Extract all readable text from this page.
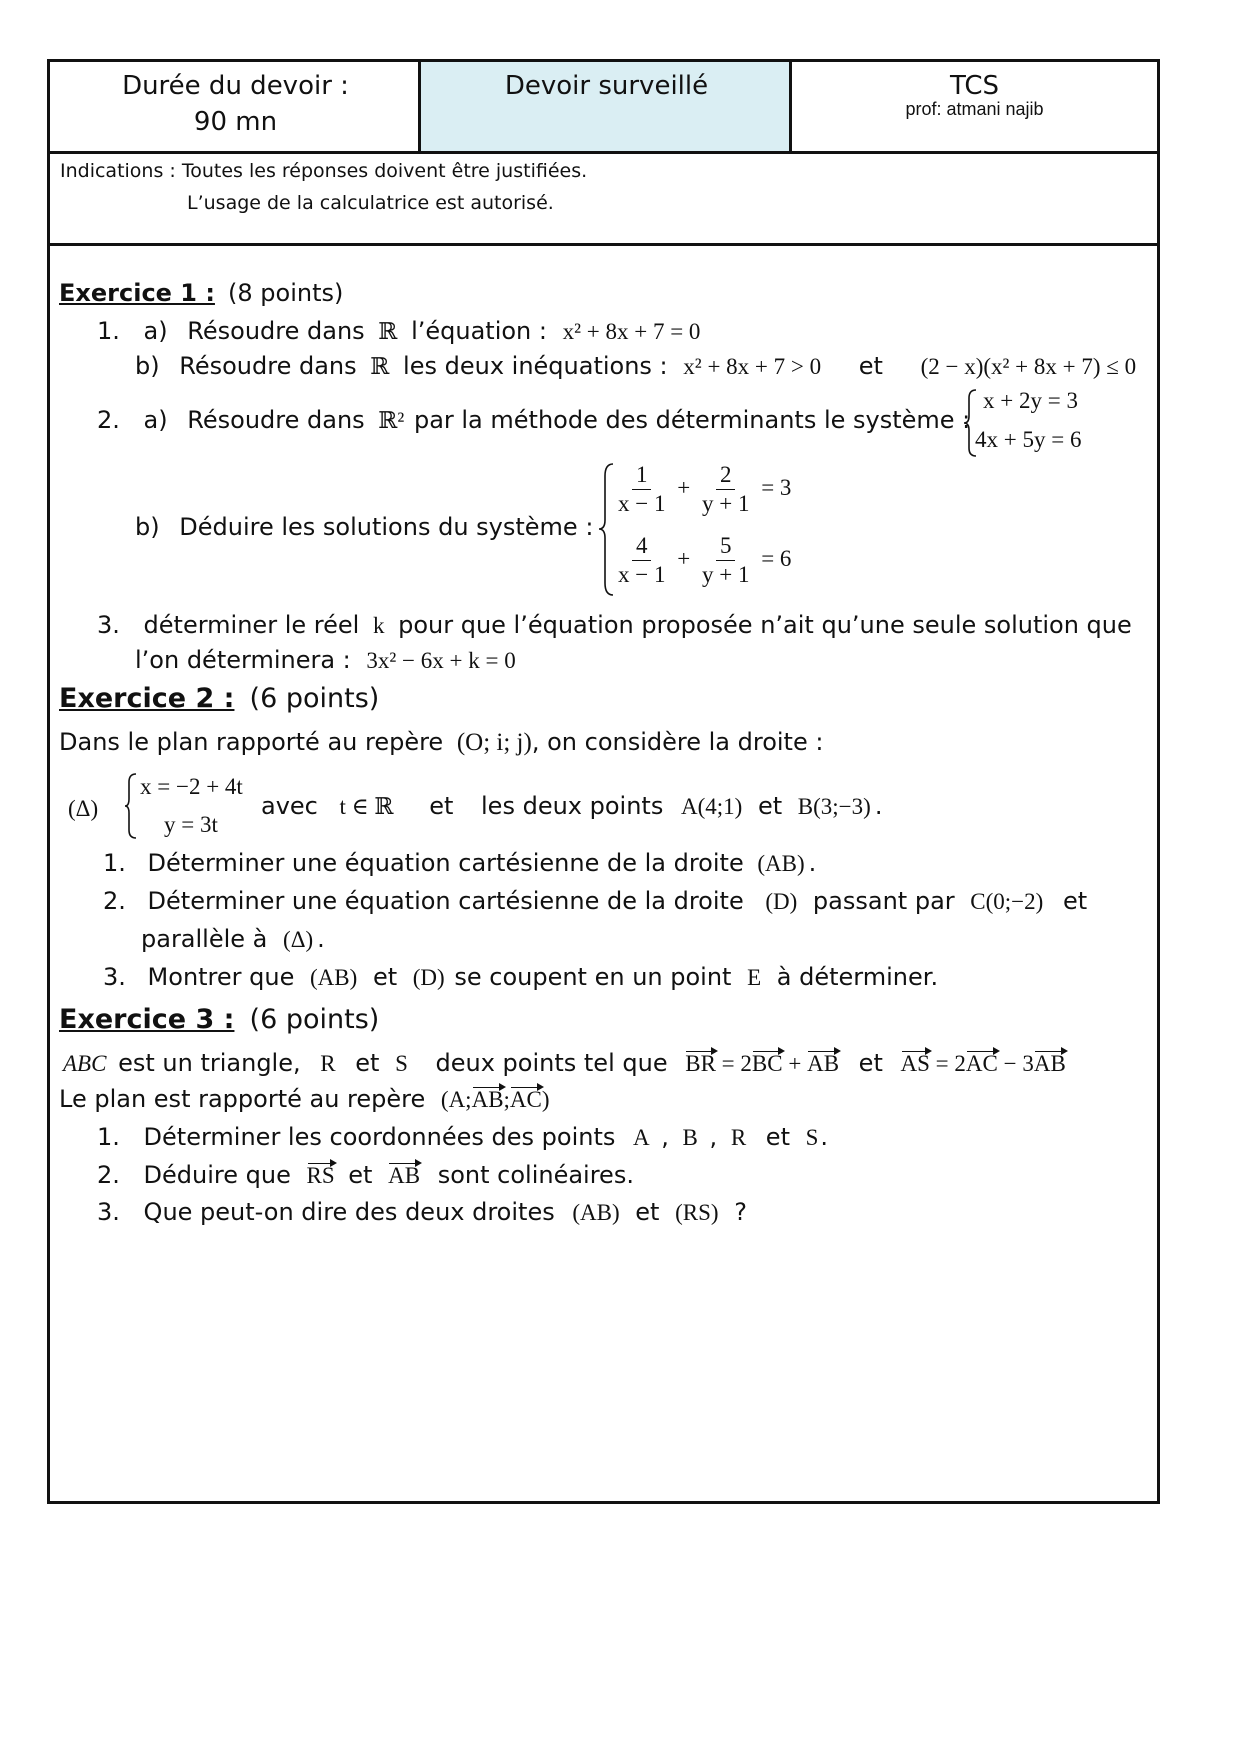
Durée du devoir :
90 mn
Devoir surveillé	TCS
prof: atmani najib
Indications : Toutes les réponses doivent être justifiées.
L’usage de la calculatrice est autorisé.
Exercice 1 : (8 points)
1. a) Résoudre dans ℝ l’équation : x² + 8x + 7 = 0
b) Résoudre dans ℝ les deux inéquations : x² + 8x + 7 > 0 et (2 − x)(x² + 8x + 7) ≤ 0
2. a) Résoudre dans ℝ² par la méthode des déterminants le système :
x + 2y = 3
4x + 5y = 6
b) Déduire les solutions du système :
$\frac{1}{x - 1} + \frac{2}{y + 1} = 3$
$\frac{4}{x - 1} + \frac{5}{y + 1} = 6$
3. déterminer le réel k pour que l’équation proposée n’ait qu’une seule solution que
l’on déterminera : 3x² − 6x + k = 0
Exercice 2 : (6 points)
Dans le plan rapporté au repère (O; i; j), on considère la droite :
(Δ)
x = −2 + 4t
y = 3t
avec t ∈ ℝ et les deux points A(4;1) et B(3;−3) .
1. Déterminer une équation cartésienne de la droite (AB) .
2. Déterminer une équation cartésienne de la droite (D) passant par C(0;−2) et
parallèle à (Δ) .
3. Montrer que (AB) et (D) se coupent en un point E à déterminer.
Exercice 3 : (6 points)
ABC est un triangle, R et S deux points tel que BR = 2BC + AB et AS = 2AC − 3AB
Le plan est rapporté au repère (A;AB;AC)
1. Déterminer les coordonnées des points A , B , R et S.
2. Déduire que RS et AB sont colinéaires.
3. Que peut-on dire des deux droites (AB) et (RS) ?
